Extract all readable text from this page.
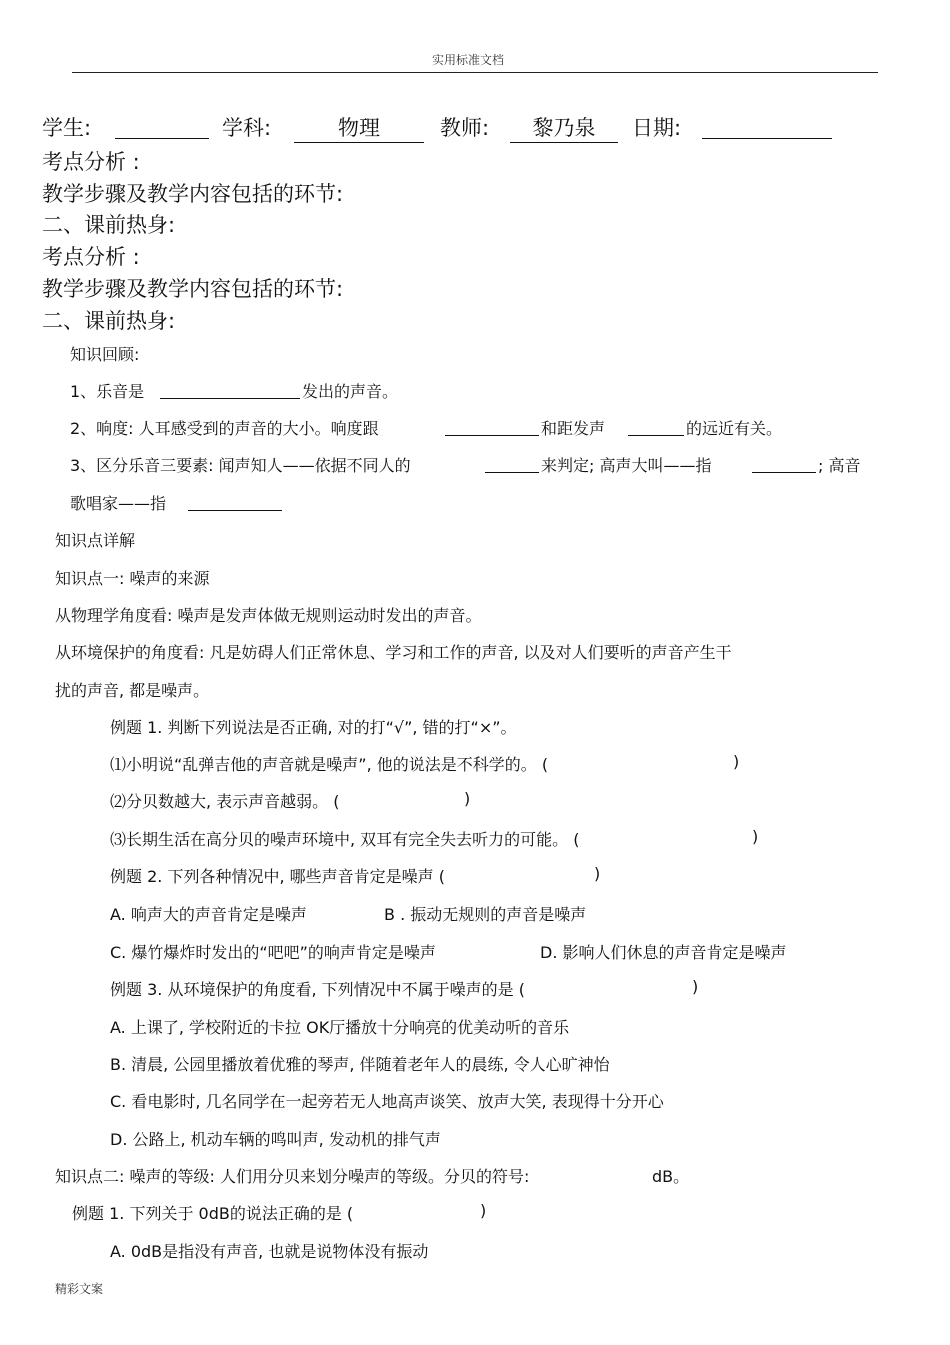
实用标准文档
学生:	学科:	物理	教师:	黎乃泉	日期:
考点分析 :
教学步骤及教学内容包括的环节:
二、课前热身:
考点分析 :
教学步骤及教学内容包括的环节:
二、课前热身:
知识回顾:
1、乐音是	发出的声音。
2、响度: 人耳感受到的声音的大小。响度跟	和距发声	的远近有关。
3、区分乐音三要素: 闻声知人——依据不同人的	来判定; 高声大叫——指	; 高音
歌唱家——指
知识点详解
知识点一: 噪声的来源
从物理学角度看: 噪声是发声体做无规则运动时发出的声音。
从环境保护的角度看: 凡是妨碍人们正常休息、学习和工作的声音, 以及对人们要听的声音产生干
扰的声音, 都是噪声。
例题 1. 判断下列说法是否正确, 对的打“√”, 错的打“×”。
⑴小明说“乱弹吉他的声音就是噪声”, 他的说法是不科学的。 (	)
⑵分贝数越大, 表示声音越弱。 (	)
⑶长期生活在高分贝的噪声环境中, 双耳有完全失去听力的可能。 (	)
例题 2. 下列各种情况中, 哪些声音肯定是噪声 (	)
A. 响声大的声音肯定是噪声	B . 振动无规则的声音是噪声
C. 爆竹爆炸时发出的“吧吧”的响声肯定是噪声	D. 影响人们休息的声音肯定是噪声
例题 3. 从环境保护的角度看, 下列情况中不属于噪声的是 (	)
A. 上课了, 学校附近的卡拉 OK厅播放十分响亮的优美动听的音乐
B. 清晨, 公园里播放着优雅的琴声, 伴随着老年人的晨练, 令人心旷神怡
C. 看电影时, 几名同学在一起旁若无人地高声谈笑、放声大笑, 表现得十分开心
D. 公路上, 机动车辆的鸣叫声, 发动机的排气声
知识点二: 噪声的等级: 人们用分贝来划分噪声的等级。分贝的符号:	dB。
例题 1. 下列关于 0dB的说法正确的是 (	)
A. 0dB是指没有声音, 也就是说物体没有振动
精彩文案
